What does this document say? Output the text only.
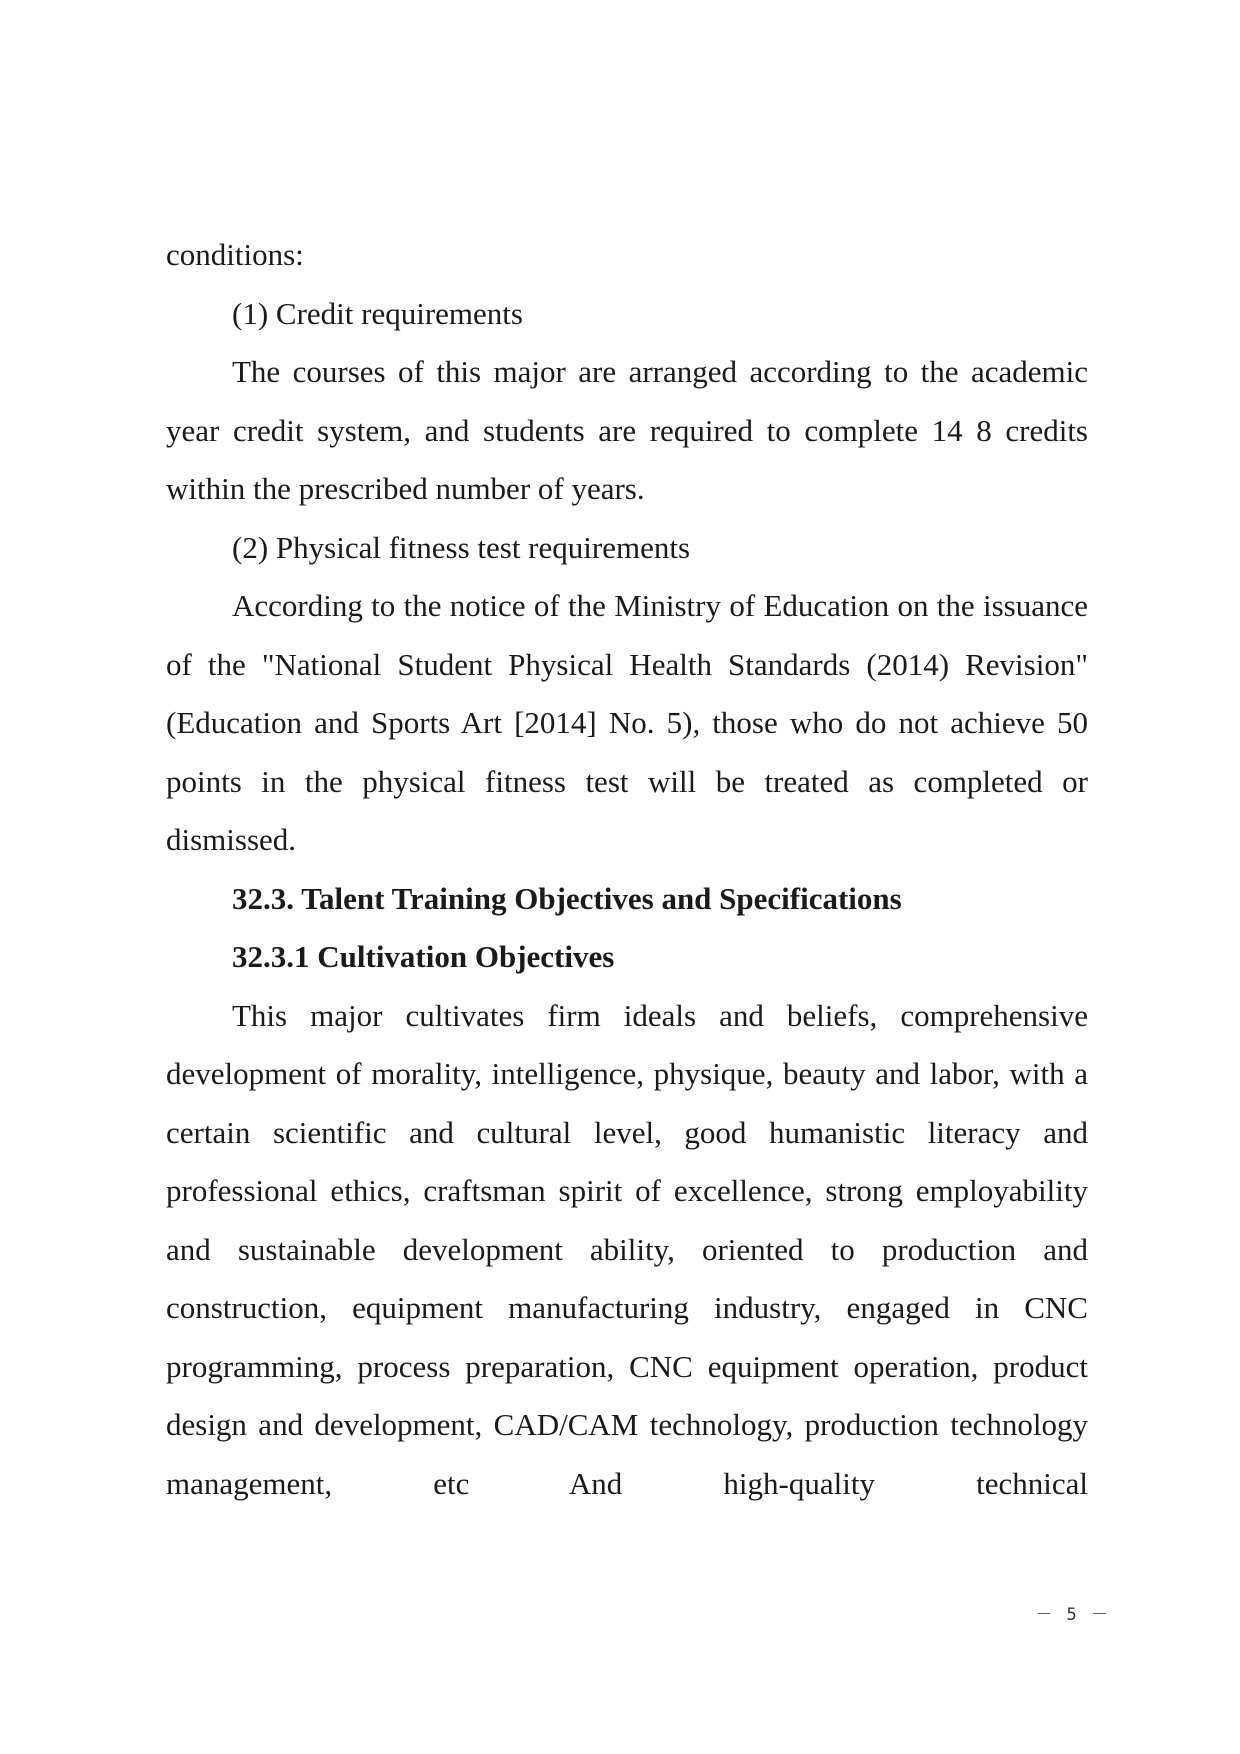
conditions:

(1) Credit requirements

The courses of this major are arranged according to the academic year credit system, and students are required to complete 14 8 credits within the prescribed number of years.

(2) Physical fitness test requirements

According to the notice of the Ministry of Education on the issuance of the "National Student Physical Health Standards (2014) Revision" (Education and Sports Art [2014] No. 5), those who do not achieve 50 points in the physical fitness test will be treated as completed or dismissed.

32.3. Talent Training Objectives and Specifications

32.3.1 Cultivation Objectives

This major cultivates firm ideals and beliefs, comprehensive development of morality, intelligence, physique, beauty and labor, with a certain scientific and cultural level, good humanistic literacy and professional ethics, craftsman spirit of excellence, strong employability and sustainable development ability, oriented to production and construction, equipment manufacturing industry, engaged in CNC programming, process preparation, CNC equipment operation, product design and development, CAD/CAM technology, production technology management, etc And high-quality technical

－ 5 －
